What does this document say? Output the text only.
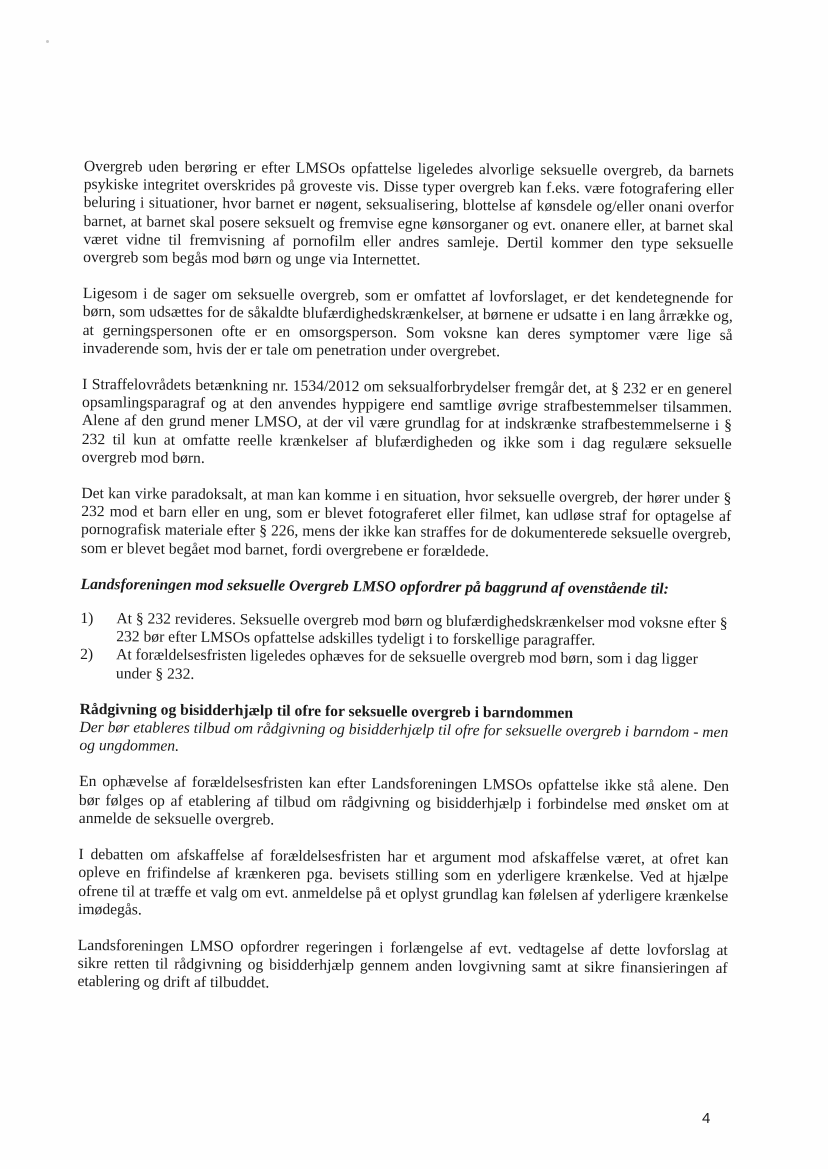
Overgreb uden berøring er efter LMSOs opfattelse ligeledes alvorlige seksuelle overgreb, da barnets psykiske integritet overskrides på groveste vis. Disse typer overgreb kan f.eks. være fotografering eller beluring i situationer, hvor barnet er nøgent, seksualisering, blottelse af kønsdele og/eller onani overfor barnet, at barnet skal posere seksuelt og fremvise egne kønsorganer og evt. onanere eller, at barnet skal været vidne til fremvisning af pornofilm eller andres samleje. Dertil kommer den type seksuelle overgreb som begås mod børn og unge via Internettet.

Ligesom i de sager om seksuelle overgreb, som er omfattet af lovforslaget, er det kendetegnende for børn, som udsættes for de såkaldte blufærdighedskrænkelser, at børnene er udsatte i en lang årrække og, at gerningspersonen ofte er en omsorgsperson. Som voksne kan deres symptomer være lige så invaderende som, hvis der er tale om penetration under overgrebet.

I Straffelovrådets betænkning nr. 1534/2012 om seksualforbrydelser fremgår det, at § 232 er en generel opsamlingsparagraf og at den anvendes hyppigere end samtlige øvrige strafbestemmelser tilsammen. Alene af den grund mener LMSO, at der vil være grundlag for at indskrænke strafbestemmelserne i § 232 til kun at omfatte reelle krænkelser af blufærdigheden og ikke som i dag regulære seksuelle overgreb mod børn.

Det kan virke paradoksalt, at man kan komme i en situation, hvor seksuelle overgreb, der hører under § 232 mod et barn eller en ung, som er blevet fotograferet eller filmet, kan udløse straf for optagelse af pornografisk materiale efter § 226, mens der ikke kan straffes for de dokumenterede seksuelle overgreb, som er blevet begået mod barnet, fordi overgrebene er forældede.

Landsforeningen mod seksuelle Overgreb LMSO opfordrer på baggrund af ovenstående til:

1) At § 232 revideres. Seksuelle overgreb mod børn og blufærdighedskrænkelser mod voksne efter § 232 bør efter LMSOs opfattelse adskilles tydeligt i to forskellige paragraffer.
2) At forældelsesfristen ligeledes ophæves for de seksuelle overgreb mod børn, som i dag ligger under § 232.

Rådgivning og bisidderhjælp til ofre for seksuelle overgreb i barndommen

Der bør etableres tilbud om rådgivning og bisidderhjælp til ofre for seksuelle overgreb i barndom - men og ungdommen.

En ophævelse af forældelsesfristen kan efter Landsforeningen LMSOs opfattelse ikke stå alene. Den bør følges op af etablering af tilbud om rådgivning og bisidderhjælp i forbindelse med ønsket om at anmelde de seksuelle overgreb.

I debatten om afskaffelse af forældelsesfristen har et argument mod afskaffelse været, at ofret kan opleve en frifindelse af krænkeren pga. bevisets stilling som en yderligere krænkelse. Ved at hjælpe ofrene til at træffe et valg om evt. anmeldelse på et oplyst grundlag kan følelsen af yderligere krænkelse imødegås.

Landsforeningen LMSO opfordrer regeringen i forlængelse af evt. vedtagelse af dette lovforslag at sikre retten til rådgivning og bisidderhjælp gennem anden lovgivning samt at sikre finansieringen af etablering og drift af tilbuddet.

4
